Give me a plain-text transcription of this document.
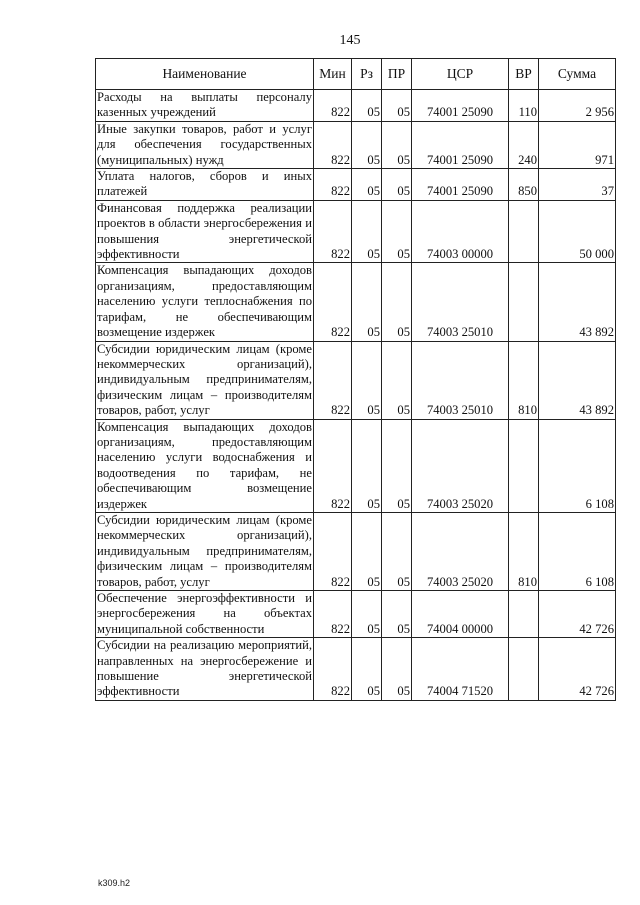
145
Наименование	Мин	Рз	ПР	ЦСР	ВР	Сумма
Расходы на выплаты персоналу казенных учреждений	822	05	05	74001 25090	110	2 956
Иные закупки товаров, работ и услуг для обеспечения государственных (муниципальных) нужд	822	05	05	74001 25090	240	971
Уплата налогов, сборов и иных платежей	822	05	05	74001 25090	850	37
Финансовая поддержка реализации проектов в области энергосбережения и повышения энергетической эффективности	822	05	05	74003 00000		50 000
Компенсация выпадающих доходов организациям, предоставляющим населению услуги теплоснабжения по тарифам, не обеспечивающим возмещение издержек	822	05	05	74003 25010		43 892
Субсидии юридическим лицам (кроме некоммерческих организаций), индивидуальным предпринимателям, физическим лицам – производителям товаров, работ, услуг	822	05	05	74003 25010	810	43 892
Компенсация выпадающих доходов организациям, предоставляющим населению услуги водоснабжения и водоотведения по тарифам, не обеспечивающим возмещение издержек	822	05	05	74003 25020		6 108
Субсидии юридическим лицам (кроме некоммерческих организаций), индивидуальным предпринимателям, физическим лицам – производителям товаров, работ, услуг	822	05	05	74003 25020	810	6 108
Обеспечение энергоэффективности и энергосбережения на объектах муниципальной собственности	822	05	05	74004 00000		42 726
Субсидии на реализацию мероприятий, направленных на энергосбережение и повышение энергетической эффективности	822	05	05	74004 71520		42 726
k309.h2
